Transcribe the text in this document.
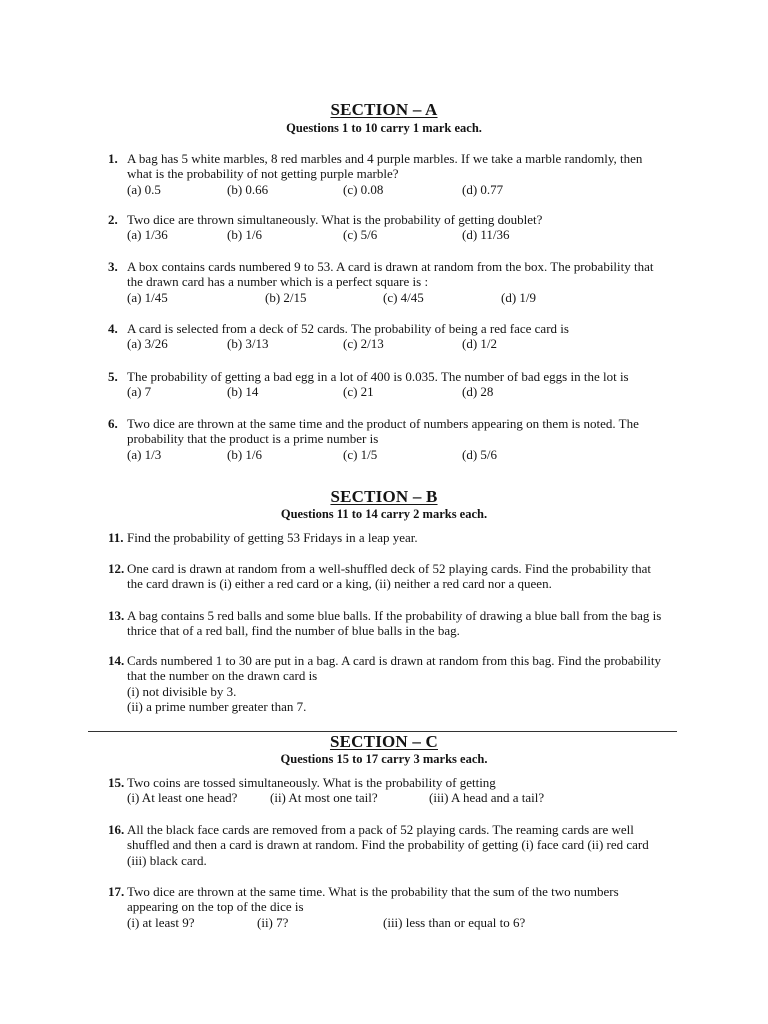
SECTION – A
Questions 1 to 10 carry 1 mark each.
1. A bag has 5 white marbles, 8 red marbles and 4 purple marbles. If we take a marble randomly, then what is the probability of not getting purple marble?
(a) 0.5	(b) 0.66	(c) 0.08	(d) 0.77
2. Two dice are thrown simultaneously. What is the probability of getting doublet?
(a) 1/36	(b) 1/6	(c) 5/6	(d) 11/36
3. A box contains cards numbered 9 to 53. A card is drawn at random from the box. The probability that the drawn card has a number which is a perfect square is :
(a) 1/45	(b) 2/15	(c) 4/45	(d) 1/9
4. A card is selected from a deck of 52 cards. The probability of being a red face card is
(a) 3/26	(b) 3/13	(c) 2/13	(d) 1/2
5. The probability of getting a bad egg in a lot of 400 is 0.035. The number of bad eggs in the lot is
(a) 7	(b) 14	(c) 21	(d) 28
6. Two dice are thrown at the same time and the product of numbers appearing on them is noted. The probability that the product is a prime number is
(a) 1/3	(b) 1/6	(c) 1/5	(d) 5/6
SECTION – B
Questions 11 to 14 carry 2 marks each.
11. Find the probability of getting 53 Fridays in a leap year.
12. One card is drawn at random from a well-shuffled deck of 52 playing cards. Find the probability that the card drawn is (i) either a red card or a king, (ii) neither a red card nor a queen.
13. A bag contains 5 red balls and some blue balls. If the probability of drawing a blue ball from the bag is thrice that of a red ball, find the number of blue balls in the bag.
14. Cards numbered 1 to 30 are put in a bag. A card is drawn at random from this bag. Find the probability that the number on the drawn card is
(i) not divisible by 3.
(ii) a prime number greater than 7.
SECTION – C
Questions 15 to 17 carry 3 marks each.
15. Two coins are tossed simultaneously. What is the probability of getting
(i) At least one head?	(ii) At most one tail?	(iii) A head and a tail?
16. All the black face cards are removed from a pack of 52 playing cards. The reaming cards are well shuffled and then a card is drawn at random. Find the probability of getting (i) face card (ii) red card (iii) black card.
17. Two dice are thrown at the same time. What is the probability that the sum of the two numbers appearing on the top of the dice is
(i) at least 9?	(ii) 7?	(iii) less than or equal to 6?
